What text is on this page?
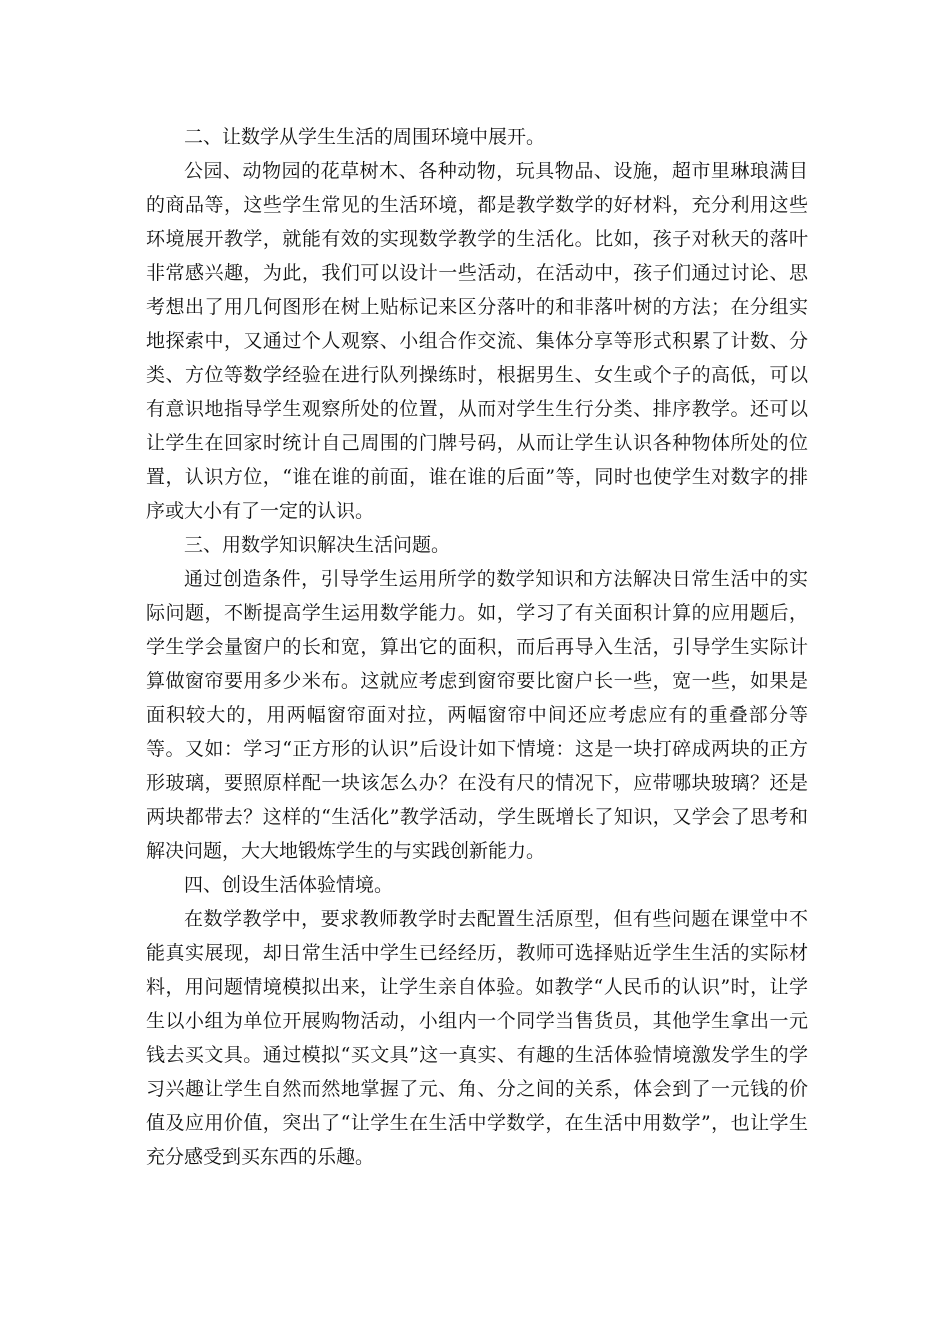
二、让数学从学生生活的周围环境中展开。

公园、动物园的花草树木、各种动物，玩具物品、设施，超市里琳琅满目的商品等，这些学生常见的生活环境，都是教学数学的好材料，充分利用这些环境展开教学，就能有效的实现数学教学的生活化。比如，孩子对秋天的落叶非常感兴趣，为此，我们可以设计一些活动，在活动中，孩子们通过讨论、思考想出了用几何图形在树上贴标记来区分落叶的和非落叶树的方法；在分组实地探索中，又通过个人观察、小组合作交流、集体分享等形式积累了计数、分类、方位等数学经验在进行队列操练时，根据男生、女生或个子的高低，可以有意识地指导学生观察所处的位置，从而对学生生行分类、排序教学。还可以让学生在回家时统计自己周围的门牌号码，从而让学生认识各种物体所处的位置，认识方位，“谁在谁的前面，谁在谁的后面”等，同时也使学生对数字的排序或大小有了一定的认识。

三、用数学知识解决生活问题。

通过创造条件，引导学生运用所学的数学知识和方法解决日常生活中的实际问题，不断提高学生运用数学能力。如，学习了有关面积计算的应用题后，学生学会量窗户的长和宽，算出它的面积，而后再导入生活，引导学生实际计算做窗帘要用多少米布。这就应考虑到窗帘要比窗户长一些，宽一些，如果是面积较大的，用两幅窗帘面对拉，两幅窗帘中间还应考虑应有的重叠部分等等。又如：学习“正方形的认识”后设计如下情境：这是一块打碎成两块的正方形玻璃，要照原样配一块该怎么办？在没有尺的情况下，应带哪块玻璃？还是两块都带去？这样的“生活化”教学活动，学生既增长了知识，又学会了思考和解决问题，大大地锻炼学生的与实践创新能力。

四、创设生活体验情境。

在数学教学中，要求教师教学时去配置生活原型，但有些问题在课堂中不能真实展现，却日常生活中学生已经经历，教师可选择贴近学生生活的实际材料，用问题情境模拟出来，让学生亲自体验。如教学“人民币的认识”时，让学生以小组为单位开展购物活动，小组内一个同学当售货员，其他学生拿出一元钱去买文具。通过模拟“买文具”这一真实、有趣的生活体验情境激发学生的学习兴趣让学生自然而然地掌握了元、角、分之间的关系，体会到了一元钱的价值及应用价值，突出了“让学生在生活中学数学，在生活中用数学”，也让学生充分感受到买东西的乐趣。
